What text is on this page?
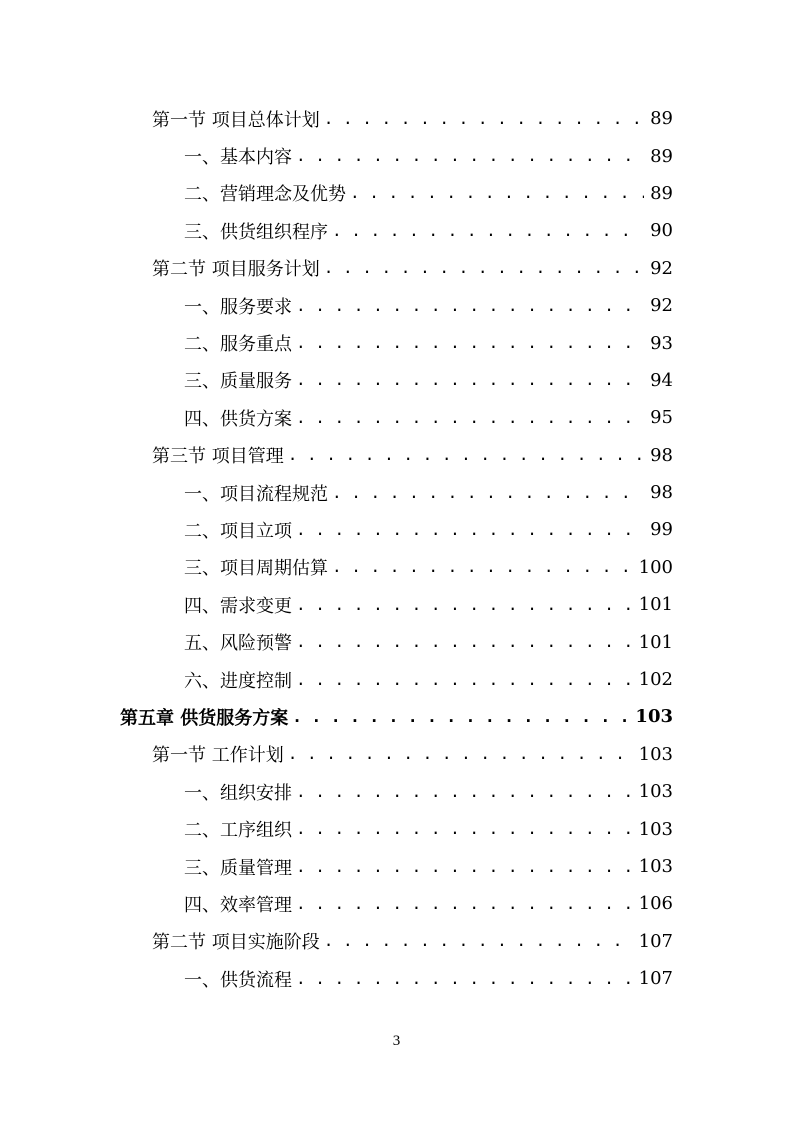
第一节 项目总体计划 . . .	89
一、基本内容 . . .	89
二、营销理念及优势 . . .	89
三、供货组织程序 . . .	90
第二节 项目服务计划 . . .	92
一、服务要求 . . .	92
二、服务重点 . . .	93
三、质量服务 . . .	94
四、供货方案 . . .	95
第三节 项目管理 . . .	98
一、项目流程规范 . . .	98
二、项目立项 . . .	99
三、项目周期估算 . . .	100
四、需求变更 . . .	101
五、风险预警 . . .	101
六、进度控制 . . .	102
第五章 供货服务方案 . . .	103
第一节 工作计划 . . .	103
一、组织安排 . . .	103
二、工序组织 . . .	103
三、质量管理 . . .	103
四、效率管理 . . .	106
第二节 项目实施阶段 . . .	107
一、供货流程 . . .	107
3
